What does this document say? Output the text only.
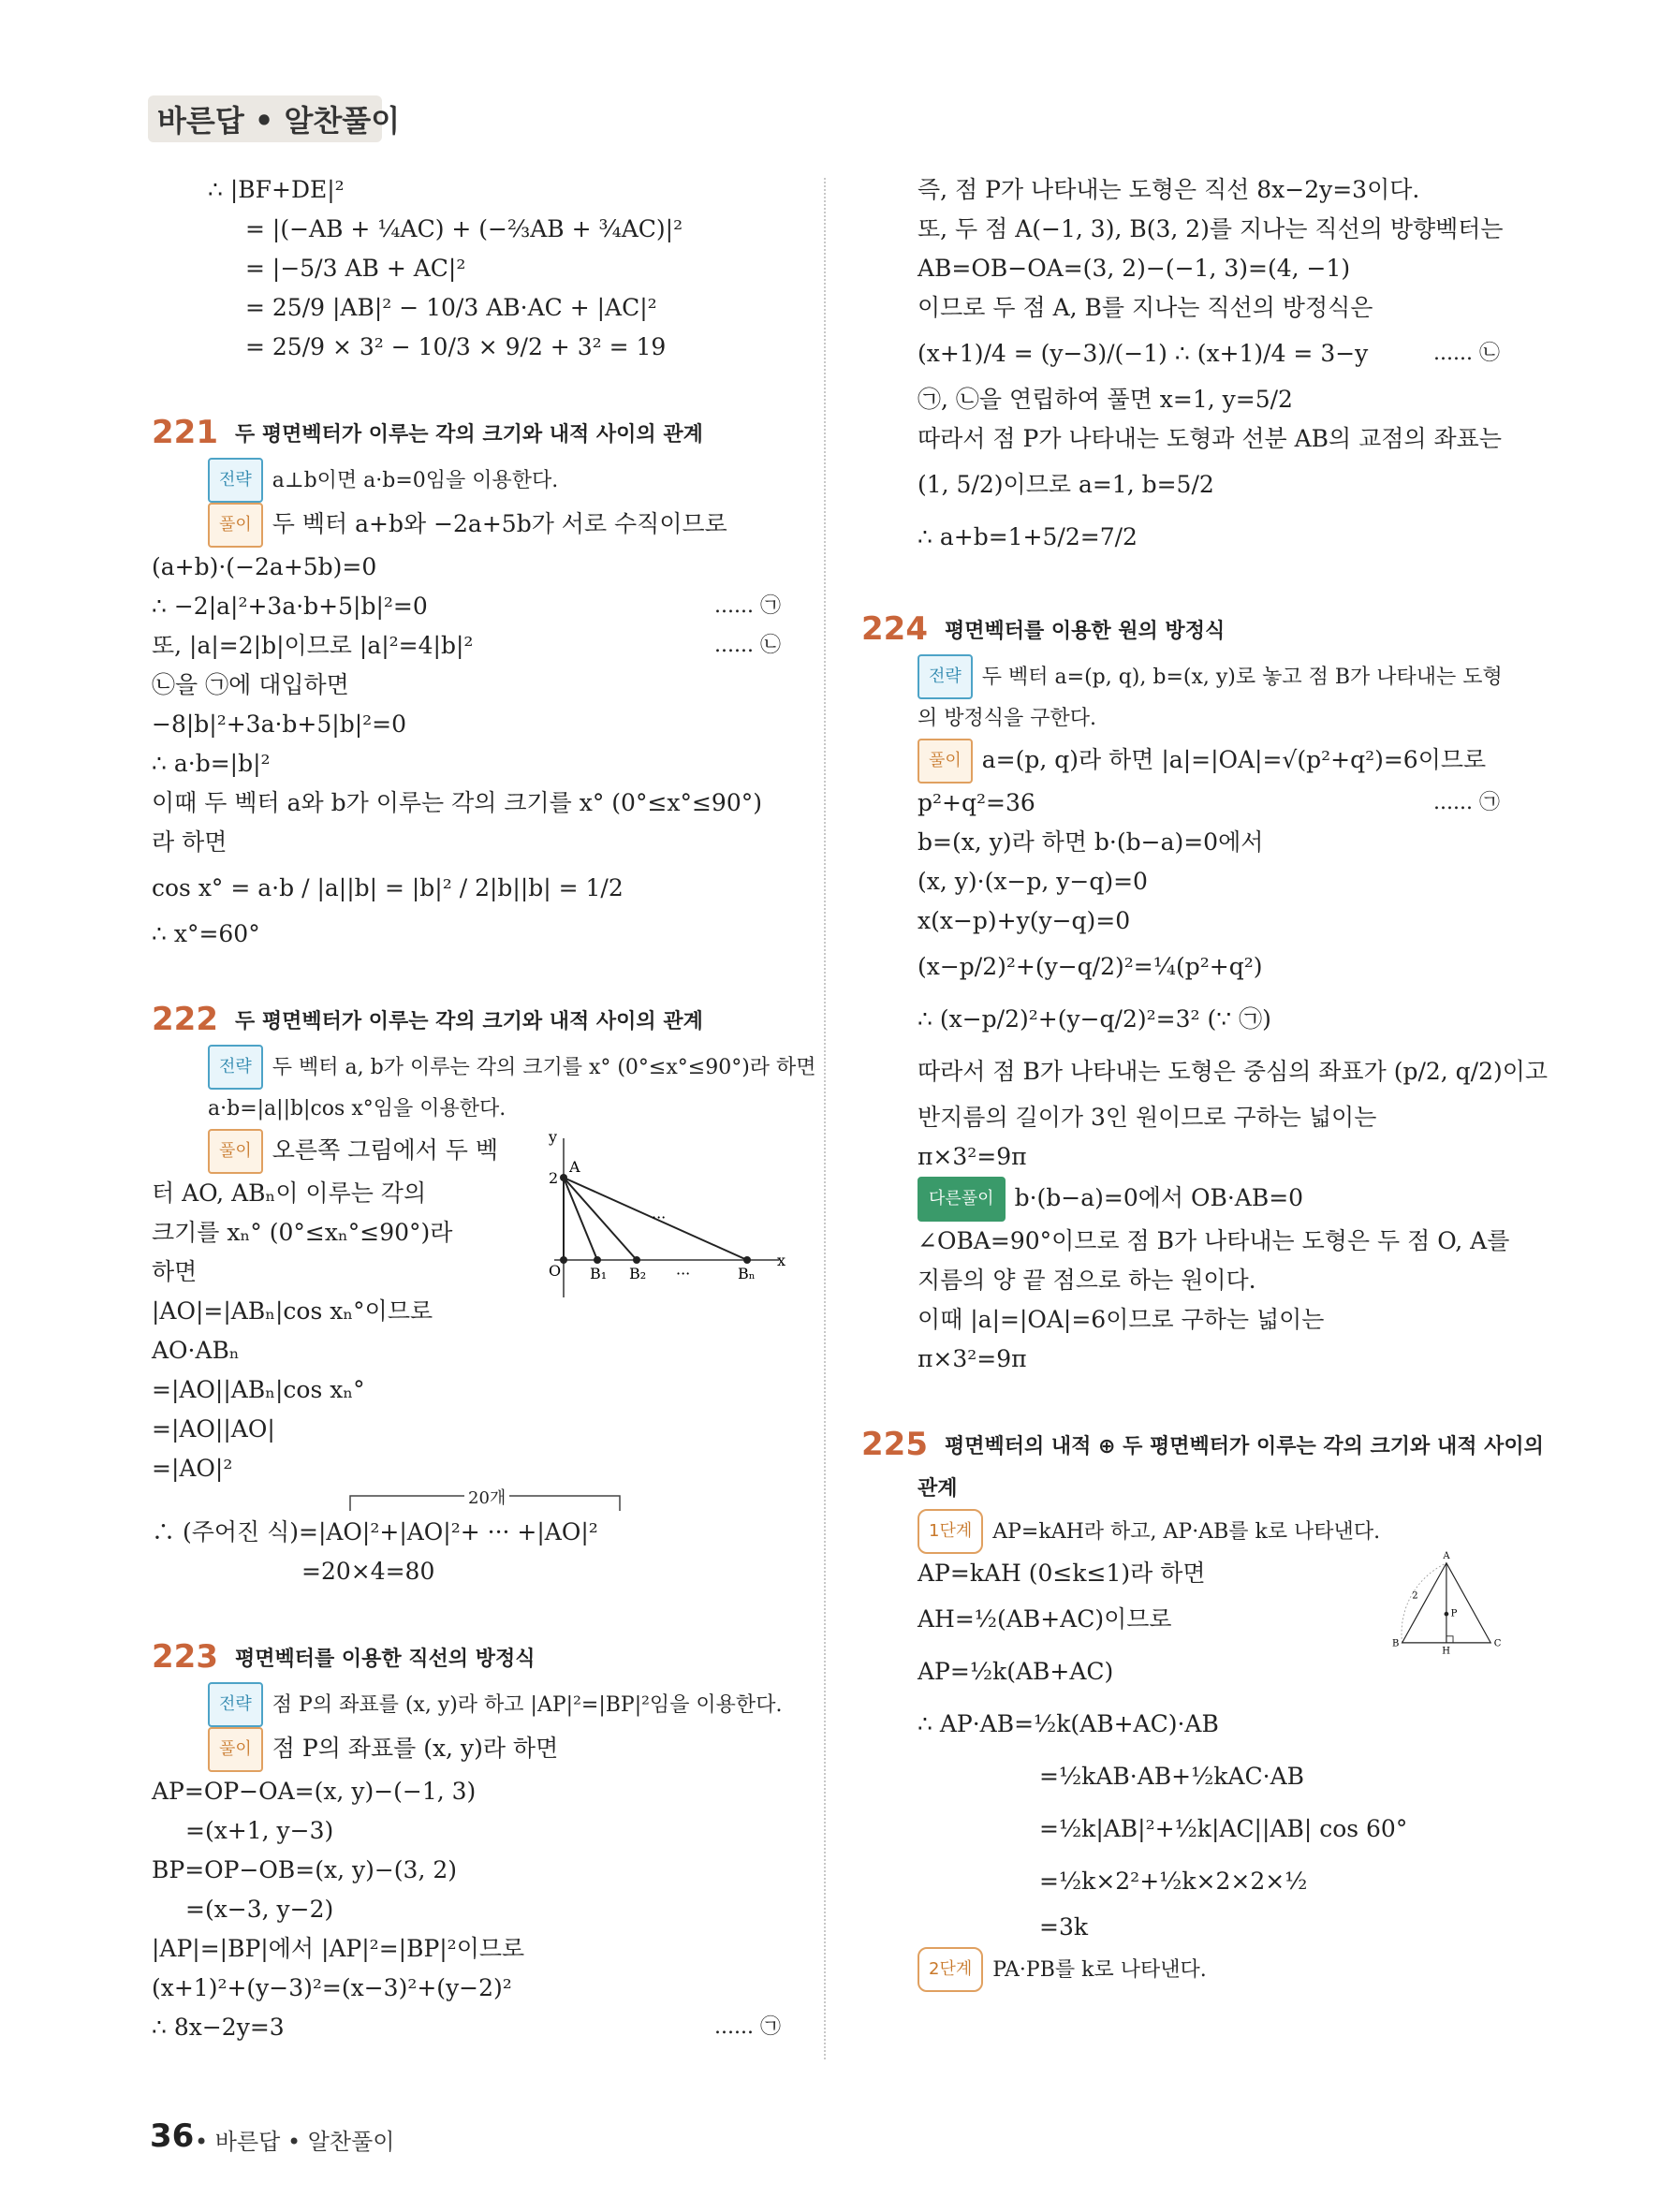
바른답 • 알찬풀이
∴ |BF+DE|²
= |(−AB + ¼AC) + (−⅔AB + ¾AC)|²
= |−5/3 AB + AC|²
= 25/9 |AB|² − 10/3 AB·AC + |AC|²
= 25/9 × 3² − 10/3 × 9/2 + 3² = 19
221 두 평면벡터가 이루는 각의 크기와 내적 사이의 관계
전략 a⊥b이면 a·b=0임을 이용한다.
풀이 두 벡터 a+b와 −2a+5b가 서로 수직이므로
(a+b)·(−2a+5b)=0
∴ −2|a|²+3a·b+5|b|²=0	...... ㉠
또, |a|=2|b|이므로 |a|²=4|b|²	...... ㉡
㉡을 ㉠에 대입하면
−8|b|²+3a·b+5|b|²=0
∴ a·b=|b|²
이때 두 벡터 a와 b가 이루는 각의 크기를 x° (0°≤x°≤90°)
라 하면
cos x° = a·b / |a||b| = |b|² / 2|b||b| = 1/2
∴ x°=60°
222 두 평면벡터가 이루는 각의 크기와 내적 사이의 관계
전략 두 벡터 a, b가 이루는 각의 크기를 x° (0°≤x°≤90°)라 하면
a·b=|a||b|cos x°임을 이용한다.
풀이 오른쪽 그림에서 두 벡
터 AO, ABₙ이 이루는 각의
크기를 xₙ° (0°≤xₙ°≤90°)라
하면
|AO|=|ABₙ|cos xₙ°이므로
AO·ABₙ
y
x
O
2
A
B₁ B₂ ···	Bₙ
···
=|AO||ABₙ|cos xₙ°
=|AO||AO|
=|AO|²
20개
∴ (주어진 식)=|AO|²+|AO|²+ ··· +|AO|²
=20×4=80
223 평면벡터를 이용한 직선의 방정식
전략 점 P의 좌표를 (x, y)라 하고 |AP|²=|BP|²임을 이용한다.
풀이 점 P의 좌표를 (x, y)라 하면
AP=OP−OA=(x, y)−(−1, 3)
=(x+1, y−3)
BP=OP−OB=(x, y)−(3, 2)
=(x−3, y−2)
|AP|=|BP|에서 |AP|²=|BP|²이므로
(x+1)²+(y−3)²=(x−3)²+(y−2)²
∴ 8x−2y=3	...... ㉠
즉, 점 P가 나타내는 도형은 직선 8x−2y=3이다.
또, 두 점 A(−1, 3), B(3, 2)를 지나는 직선의 방향벡터는
AB=OB−OA=(3, 2)−(−1, 3)=(4, −1)
이므로 두 점 A, B를 지나는 직선의 방정식은
(x+1)/4 = (y−3)/(−1) ∴ (x+1)/4 = 3−y	...... ㉡
㉠, ㉡을 연립하여 풀면 x=1, y=5/2
따라서 점 P가 나타내는 도형과 선분 AB의 교점의 좌표는
(1, 5/2)이므로 a=1, b=5/2
∴ a+b=1+5/2=7/2
224 평면벡터를 이용한 원의 방정식
전략 두 벡터 a=(p, q), b=(x, y)로 놓고 점 B가 나타내는 도형
의 방정식을 구한다.
풀이 a=(p, q)라 하면 |a|=|OA|=√(p²+q²)=6이므로
p²+q²=36	...... ㉠
b=(x, y)라 하면 b·(b−a)=0에서
(x, y)·(x−p, y−q)=0
x(x−p)+y(y−q)=0
(x−p/2)²+(y−q/2)²=¼(p²+q²)
∴ (x−p/2)²+(y−q/2)²=3² (∵ ㉠)
따라서 점 B가 나타내는 도형은 중심의 좌표가 (p/2, q/2)이고
반지름의 길이가 3인 원이므로 구하는 넓이는
π×3²=9π
다른풀이 b·(b−a)=0에서 OB·AB=0
∠OBA=90°이므로 점 B가 나타내는 도형은 두 점 O, A를
지름의 양 끝 점으로 하는 원이다.
이때 |a|=|OA|=6이므로 구하는 넓이는
π×3²=9π
225 평면벡터의 내적 ⊕ 두 평면벡터가 이루는 각의 크기와 내적 사이의
관계
1단계 AP=kAH라 하고, AP·AB를 k로 나타낸다.
AP=kAH (0≤k≤1)라 하면
AH=½(AB+AC)이므로
AP=½k(AB+AC)
∴ AP·AB=½k(AB+AC)·AB
A
B	C
H
P
2
=½kAB·AB+½kAC·AB
=½k|AB|²+½k|AC||AB| cos 60°
=½k×2²+½k×2×2×½
=3k
2단계 PA·PB를 k로 나타낸다.
36 • 바른답 • 알찬풀이
